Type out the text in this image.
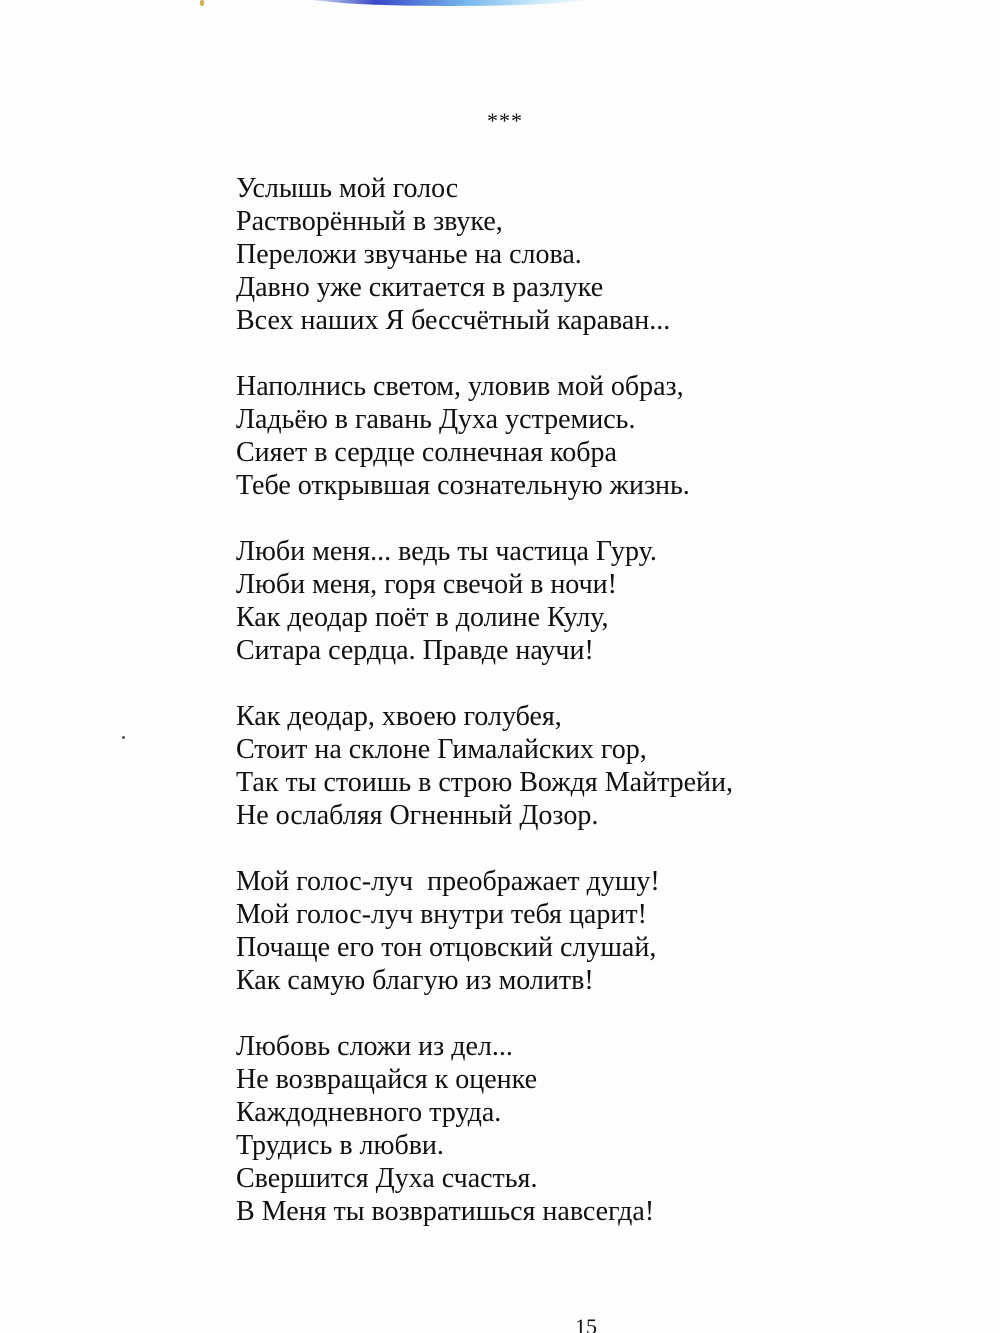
***
Услышь мой голос
Растворённый в звуке,
Переложи звучанье на слова.
Давно уже скитается в разлуке
Всех наших Я бессчётный караван...
Наполнись светом, уловив мой образ,
Ладьёю в гавань Духа устремись.
Сияет в сердце солнечная кобра
Тебе открывшая сознательную жизнь.
Люби меня... ведь ты частица Гуру.
Люби меня, горя свечой в ночи!
Как деодар поёт в долине Кулу,
Ситара сердца. Правде научи!
Как деодар, хвоею голубея,
Стоит на склоне Гималайских гор,
Так ты стоишь в строю Вождя Майтрейи,
Не ослабляя Огненный Дозор.
Мой голос-луч  преображает душу!
Мой голос-луч внутри тебя царит!
Почаще его тон отцовский слушай,
Как самую благую из молитв!
Любовь сложи из дел...
Не возвращайся к оценке
Каждодневного труда.
Трудись в любви.
Свершится Духа счастья.
В Меня ты возвратишься навсегда!
15
